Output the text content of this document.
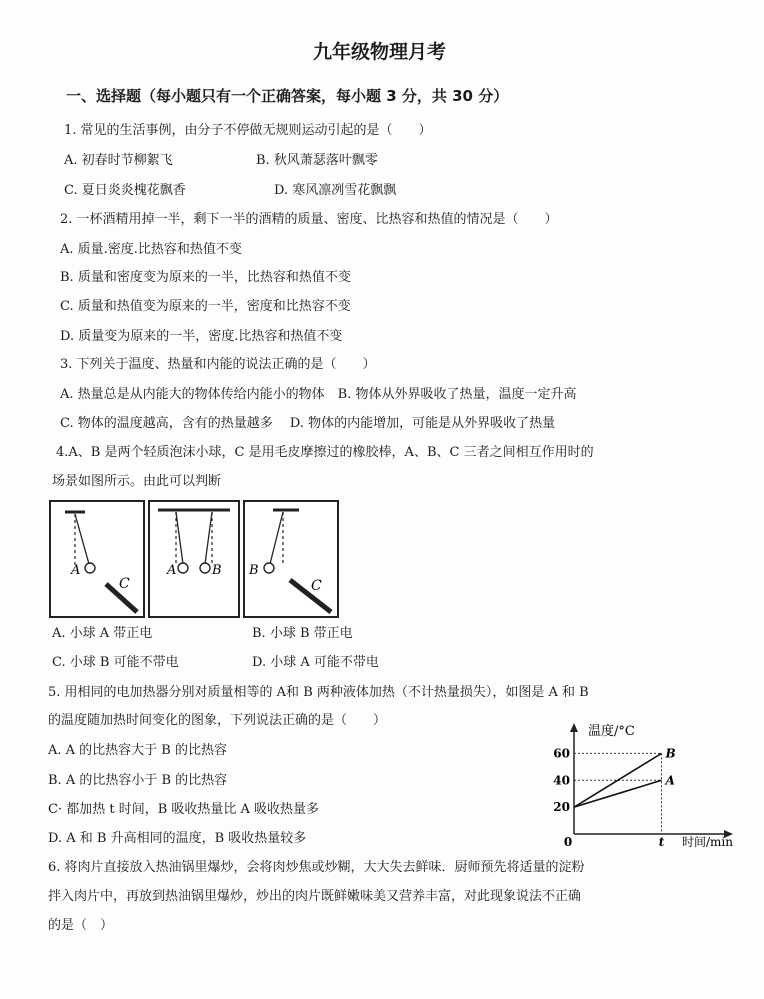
九年级物理月考
一、选择题（每小题只有一个正确答案，每小题 3 分，共 30 分）
1. 常见的生活事例，由分子不停做无规则运动引起的是（　　）
A. 初春时节柳絮飞	B. 秋风萧瑟落叶飘零
C. 夏日炎炎槐花飘香	D. 寒风凛冽雪花飘飘
2. 一杯酒精用掉一半，剩下一半的酒精的质量、密度、比热容和热值的情况是（　　）
A. 质量.密度.比热容和热值不变
B. 质量和密度变为原来的一半，比热容和热值不变
C. 质量和热值变为原来的一半，密度和比热容不变
D. 质量变为原来的一半，密度.比热容和热值不变
3. 下列关于温度、热量和内能的说法正确的是（　　）
A. 热量总是从内能大的物体传给内能小的物体　B. 物体从外界吸收了热量，温度一定升高
C. 物体的温度越高，含有的热量越多　 D. 物体的内能增加，可能是从外界吸收了热量
4.A、B 是两个轻质泡沫小球，C 是用毛皮摩擦过的橡胶棒，A、B、C 三者之间相互作用时的
场景如图所示。由此可以判断
A
C
A	B B
C
A. 小球 A 带正电	B. 小球 B 带正电
C. 小球 B 可能不带电	D. 小球 A 可能不带电
5. 用相同的电加热器分别对质量相等的 A和 B 两种液体加热（不计热量损失），如图是 A 和 B
的温度随加热时间变化的图象，下列说法正确的是（　　）
A. A 的比热容大于 B 的比热容
B. A 的比热容小于 B 的比热容
C· 都加热 t 时间，B 吸收热量比 A 吸收热量多
D. A 和 B 升高相同的温度，B 吸收热量较多
温度/°C
时间/min
0
20
40
60
t
A
B
6. 将肉片直接放入热油锅里爆炒，会将肉炒焦或炒糊，大大失去鲜味．厨师预先将适量的淀粉
拌入肉片中，再放到热油锅里爆炒，炒出的肉片既鲜嫩味美又营养丰富，对此现象说法不正确
的是（　）
